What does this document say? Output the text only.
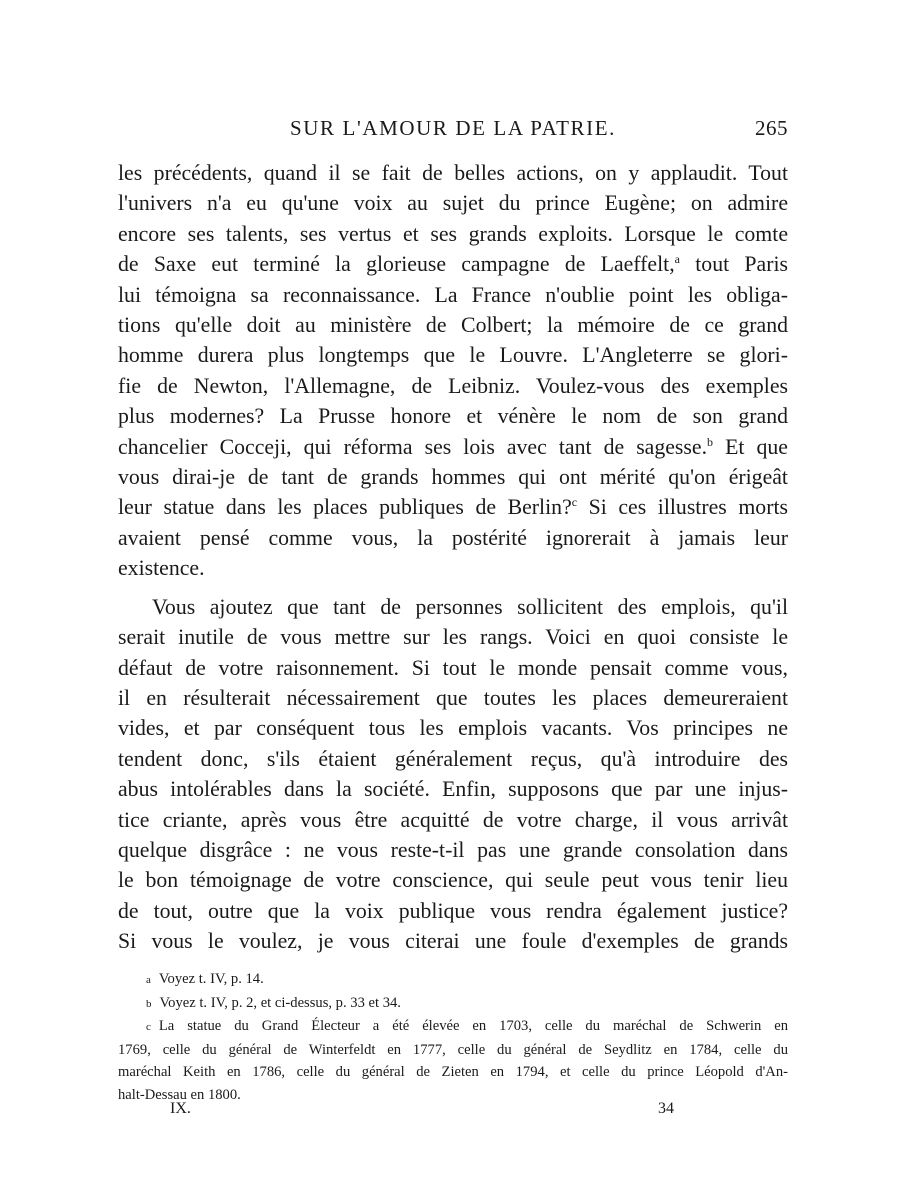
SUR L'AMOUR DE LA PATRIE.	265
les précédents, quand il se fait de belles actions, on y applaudit. Tout
l'univers n'a eu qu'une voix au sujet du prince Eugène; on admire
encore ses talents, ses vertus et ses grands exploits. Lorsque le comte
de Saxe eut terminé la glorieuse campagne de Laeffelt,$^a$ tout Paris
lui témoigna sa reconnaissance. La France n'oublie point les obliga-
tions qu'elle doit au ministère de Colbert; la mémoire de ce grand
homme durera plus longtemps que le Louvre. L'Angleterre se glori-
fie de Newton, l'Allemagne, de Leibniz. Voulez-vous des exemples
plus modernes? La Prusse honore et vénère le nom de son grand
chancelier Cocceji, qui réforma ses lois avec tant de sagesse.$^b$ Et que
vous dirai-je de tant de grands hommes qui ont mérité qu'on érigeât
leur statue dans les places publiques de Berlin?$^c$ Si ces illustres morts
avaient pensé comme vous, la postérité ignorerait à jamais leur
existence.
Vous ajoutez que tant de personnes sollicitent des emplois, qu'il
serait inutile de vous mettre sur les rangs. Voici en quoi consiste le
défaut de votre raisonnement. Si tout le monde pensait comme vous,
il en résulterait nécessairement que toutes les places demeureraient
vides, et par conséquent tous les emplois vacants. Vos principes ne
tendent donc, s'ils étaient généralement reçus, qu'à introduire des
abus intolérables dans la société. Enfin, supposons que par une injus-
tice criante, après vous être acquitté de votre charge, il vous arrivât
quelque disgrâce : ne vous reste-t-il pas une grande consolation dans
le bon témoignage de votre conscience, qui seule peut vous tenir lieu
de tout, outre que la voix publique vous rendra également justice?
Si vous le voulez, je vous citerai une foule d'exemples de grands
a Voyez t. IV, p. 14.
b Voyez t. IV, p. 2, et ci-dessus, p. 33 et 34.
c La statue du Grand Électeur a été élevée en 1703, celle du maréchal de Schwerin en
1769, celle du général de Winterfeldt en 1777, celle du général de Seydlitz en 1784, celle du
maréchal Keith en 1786, celle du général de Zieten en 1794, et celle du prince Léopold d'An-
halt-Dessau en 1800.
IX.	34
